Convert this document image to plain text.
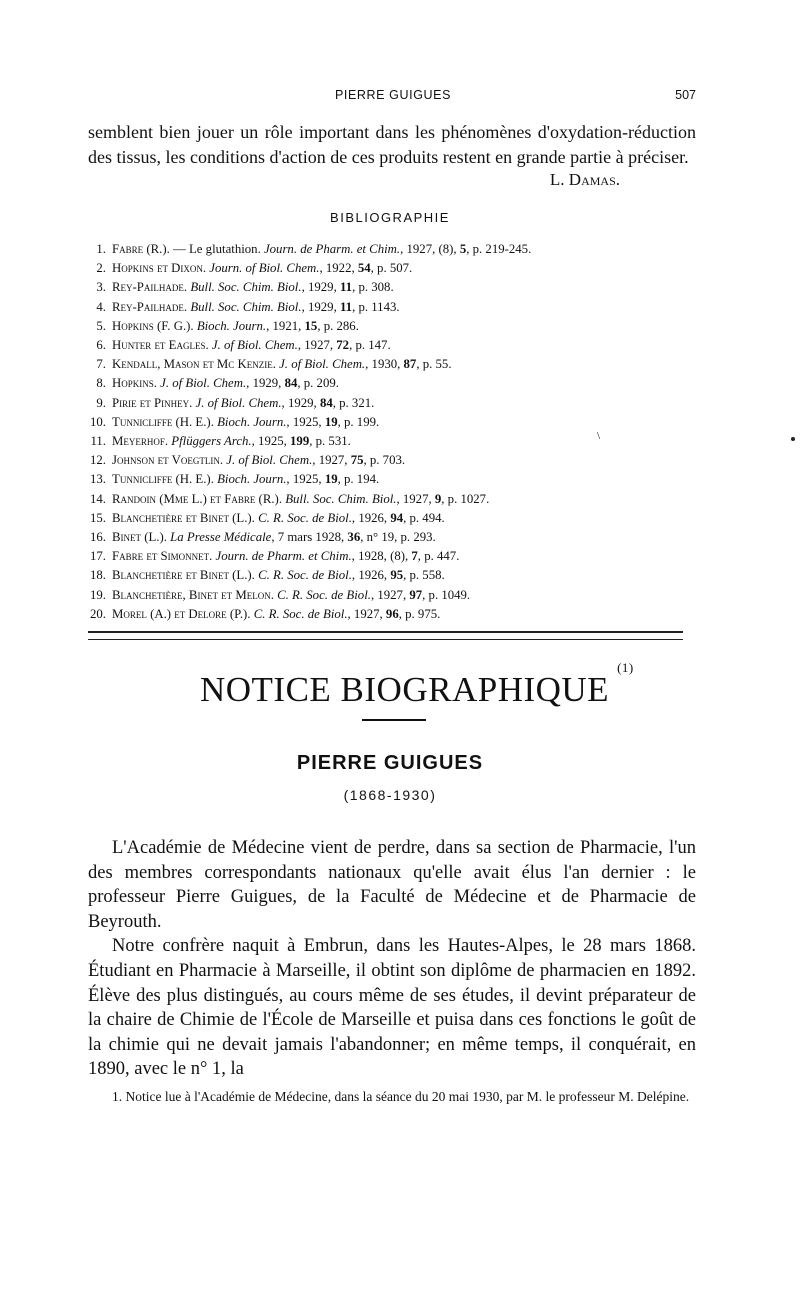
PIERRE GUIGUES	507

semblent bien jouer un rôle important dans les phénomènes d'oxydation-réduction des tissus, les conditions d'action de ces produits restent en grande partie à préciser.

L. Damas.
BIBLIOGRAPHIE
1. Fabre (R.). — Le glutathion. Journ. de Pharm. et Chim., 1927, (8), 5, p. 219-245.
2. Hopkins et Dixon. Journ. of Biol. Chem., 1922, 54, p. 507.
3. Rey-Pailhade. Bull. Soc. Chim. Biol., 1929, 11, p. 308.
4. Rey-Pailhade. Bull. Soc. Chim. Biol., 1929, 11, p. 1143.
5. Hopkins (F. G.). Bioch. Journ., 1921, 15, p. 286.
6. Hunter et Eagles. J. of Biol. Chem., 1927, 72, p. 147.
7. Kendall, Mason et Mc Kenzie. J. of Biol. Chem., 1930, 87, p. 55.
8. Hopkins. J. of Biol. Chem., 1929, 84, p. 209.
9. Pirie et Pinhey. J. of Biol. Chem., 1929, 84, p. 321.
10. Tunnicliffe (H. E.). Bioch. Journ., 1925, 19, p. 199.
11. Meyerhof. Pflüggers Arch., 1925, 199, p. 531.
12. Johnson et Voegtlin. J. of Biol. Chem., 1927, 75, p. 703.
13. Tunnicliffe (H. E.). Bioch. Journ., 1925, 19, p. 194.
14. Randoin (Mme L.) et Fabre (R.). Bull. Soc. Chim. Biol., 1927, 9, p. 1027.
15. Blanchetière et Binet (L.). C. R. Soc. de Biol., 1926, 94, p. 494.
16. Binet (L.). La Presse Médicale, 7 mars 1928, 36, n° 19, p. 293.
17. Fabre et Simonnet. Journ. de Pharm. et Chim., 1928, (8), 7, p. 447.
18. Blanchetière et Binet (L.). C. R. Soc. de Biol., 1926, 95, p. 558.
19. Blanchetière, Binet et Melon. C. R. Soc. de Biol., 1927, 97, p. 1049.
20. Morel (A.) et Delore (P.). C. R. Soc. de Biol., 1927, 96, p. 975.
\
NOTICE BIOGRAPHIQUE$^{(1)}$
PIERRE GUIGUES
(1868-1930)

L'Académie de Médecine vient de perdre, dans sa section de Pharmacie, l'un des membres correspondants nationaux qu'elle avait élus l'an dernier : le professeur Pierre Guigues, de la Faculté de Médecine et de Pharmacie de Beyrouth.

Notre confrère naquit à Embrun, dans les Hautes-Alpes, le 28 mars 1868. Étudiant en Pharmacie à Marseille, il obtint son diplôme de pharmacien en 1892. Élève des plus distingués, au cours même de ses études, il devint préparateur de la chaire de Chimie de l'École de Marseille et puisa dans ces fonctions le goût de la chimie qui ne devait jamais l'abandonner; en même temps, il conquérait, en 1890, avec le n° 1, la

1. Notice lue à l'Académie de Médecine, dans la séance du 20 mai 1930, par M. le professeur M. Delépine.
